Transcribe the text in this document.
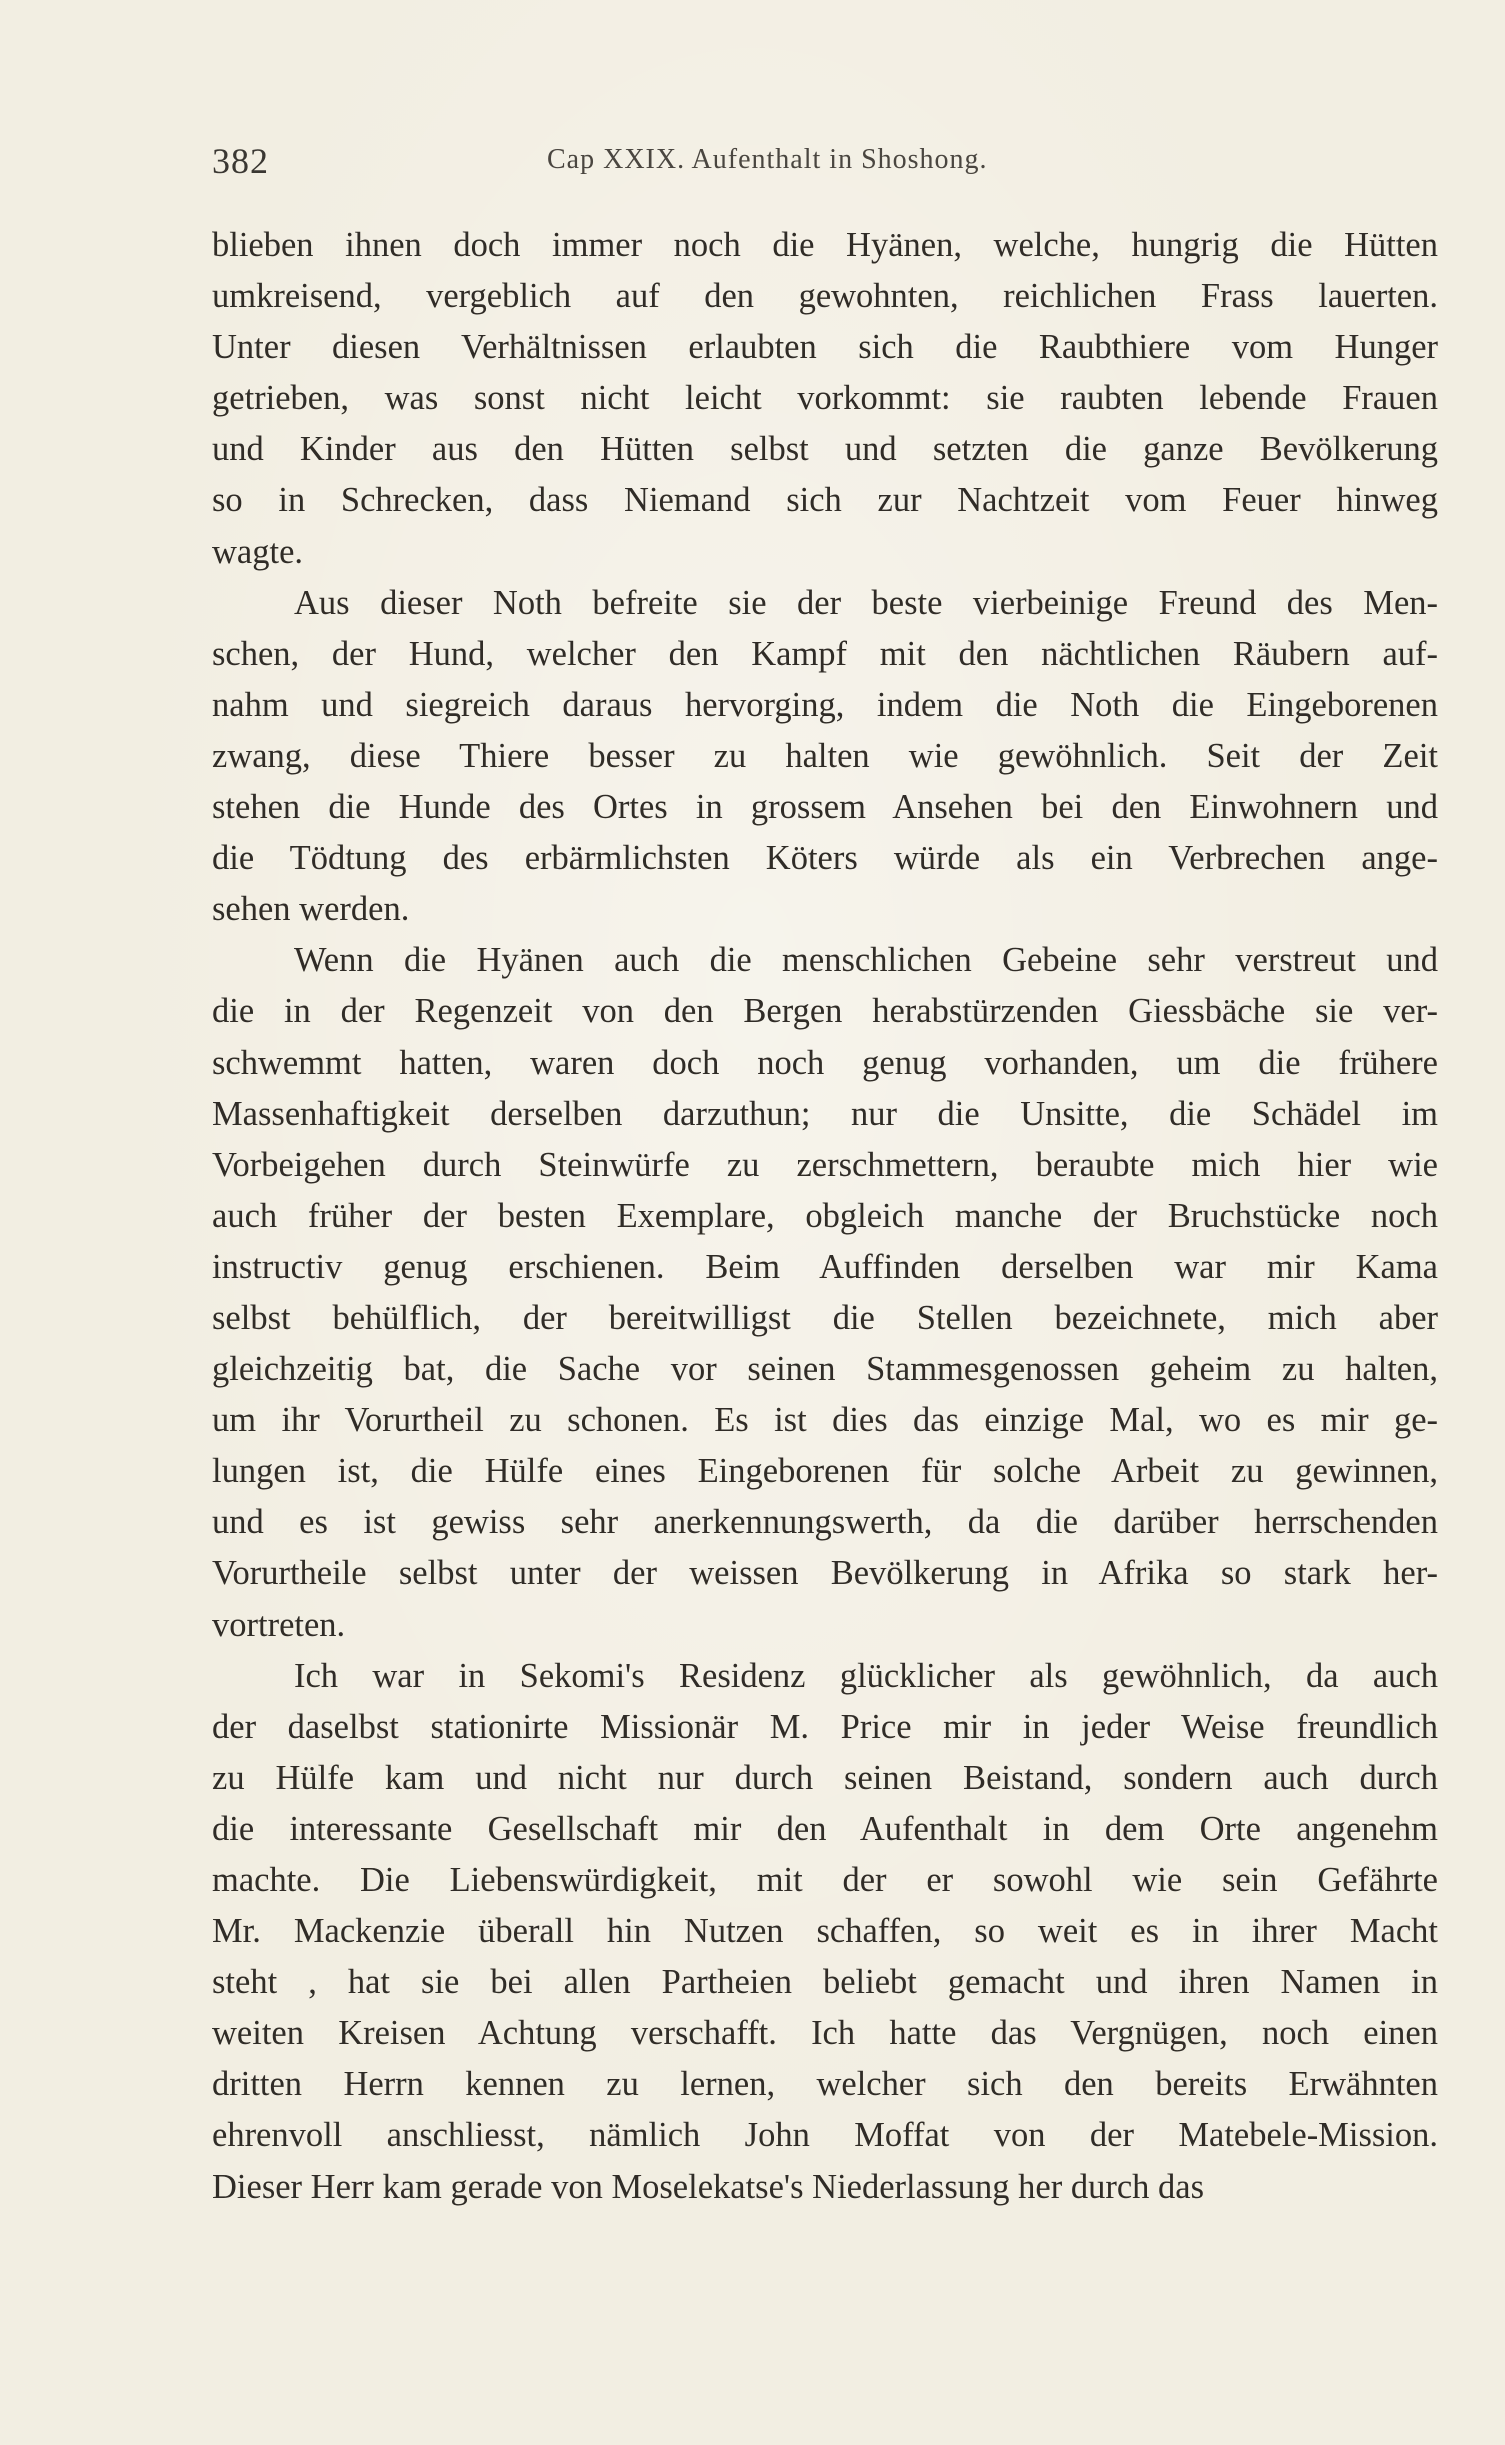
382	Cap XXIX. Aufenthalt in Shoshong.
blieben ihnen doch immer noch die Hyänen, welche, hungrig die Hütten
umkreisend, vergeblich auf den gewohnten, reichlichen Frass lauerten.
Unter diesen Verhältnissen erlaubten sich die Raubthiere vom Hunger
getrieben, was sonst nicht leicht vorkommt: sie raubten lebende Frauen
und Kinder aus den Hütten selbst und setzten die ganze Bevölkerung
so in Schrecken, dass Niemand sich zur Nachtzeit vom Feuer hinweg
wagte.
Aus dieser Noth befreite sie der beste vierbeinige Freund des Men-
schen, der Hund, welcher den Kampf mit den nächtlichen Räubern auf-
nahm und siegreich daraus hervorging, indem die Noth die Eingeborenen
zwang, diese Thiere besser zu halten wie gewöhnlich. Seit der Zeit
stehen die Hunde des Ortes in grossem Ansehen bei den Einwohnern und
die Tödtung des erbärmlichsten Köters würde als ein Verbrechen ange-
sehen werden.
Wenn die Hyänen auch die menschlichen Gebeine sehr verstreut und
die in der Regenzeit von den Bergen herabstürzenden Giessbäche sie ver-
schwemmt hatten, waren doch noch genug vorhanden, um die frühere
Massenhaftigkeit derselben darzuthun; nur die Unsitte, die Schädel im
Vorbeigehen durch Steinwürfe zu zerschmettern, beraubte mich hier wie
auch früher der besten Exemplare, obgleich manche der Bruchstücke noch
instructiv genug erschienen. Beim Auffinden derselben war mir Kama
selbst behülflich, der bereitwilligst die Stellen bezeichnete, mich aber
gleichzeitig bat, die Sache vor seinen Stammesgenossen geheim zu halten,
um ihr Vorurtheil zu schonen. Es ist dies das einzige Mal, wo es mir ge-
lungen ist, die Hülfe eines Eingeborenen für solche Arbeit zu gewinnen,
und es ist gewiss sehr anerkennungswerth, da die darüber herrschenden
Vorurtheile selbst unter der weissen Bevölkerung in Afrika so stark her-
vortreten.
Ich war in Sekomi's Residenz glücklicher als gewöhnlich, da auch
der daselbst stationirte Missionär M. Price mir in jeder Weise freundlich
zu Hülfe kam und nicht nur durch seinen Beistand, sondern auch durch
die interessante Gesellschaft mir den Aufenthalt in dem Orte angenehm
machte. Die Liebenswürdigkeit, mit der er sowohl wie sein Gefährte
Mr. Mackenzie überall hin Nutzen schaffen, so weit es in ihrer Macht
steht , hat sie bei allen Partheien beliebt gemacht und ihren Namen in
weiten Kreisen Achtung verschafft. Ich hatte das Vergnügen, noch einen
dritten Herrn kennen zu lernen, welcher sich den bereits Erwähnten
ehrenvoll anschliesst, nämlich John Moffat von der Matebele-Mission.
Dieser Herr kam gerade von Moselekatse's Niederlassung her durch das
